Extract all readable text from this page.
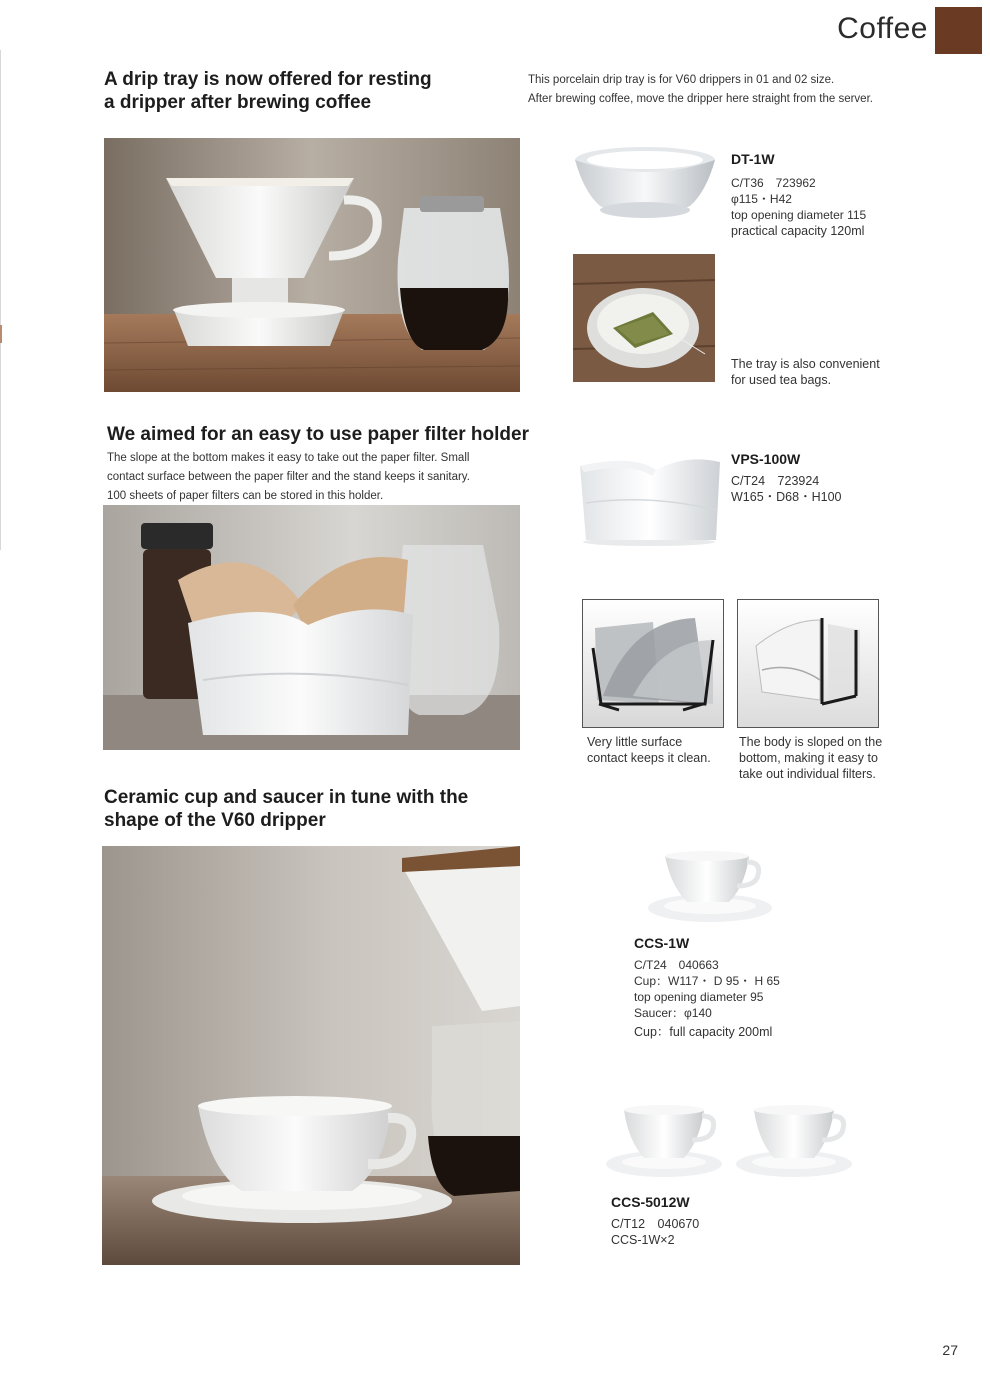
Coffee
A drip tray is now offered for resting
a dripper after brewing coffee
This porcelain drip tray is for V60 drippers in 01 and 02 size.
After brewing coffee, move the dripper here straight from the server.
DT-1W
C/T36　723962
φ115・H42
top opening diameter 115
practical capacity 120ml
The tray is also convenient
for used tea bags.
We aimed for an easy to use paper filter holder
The slope at the bottom makes it easy to take out the paper filter. Small
contact surface between the paper filter and the stand keeps it sanitary.
100 sheets of paper filters can be stored in this holder.
VPS-100W
C/T24　723924
W165・D68・H100
Very little surface
contact keeps it clean.
The body is sloped on the
bottom, making it easy to
take out individual filters.
Ceramic cup and saucer in tune with the
shape of the V60 dripper
CCS-1W
C/T24　040663
Cup：W117・ D 95・ H 65
top opening diameter 95
Saucer：φ140
Cup：full capacity 200ml
CCS-5012W
C/T12　040670
CCS-1W×2
27
